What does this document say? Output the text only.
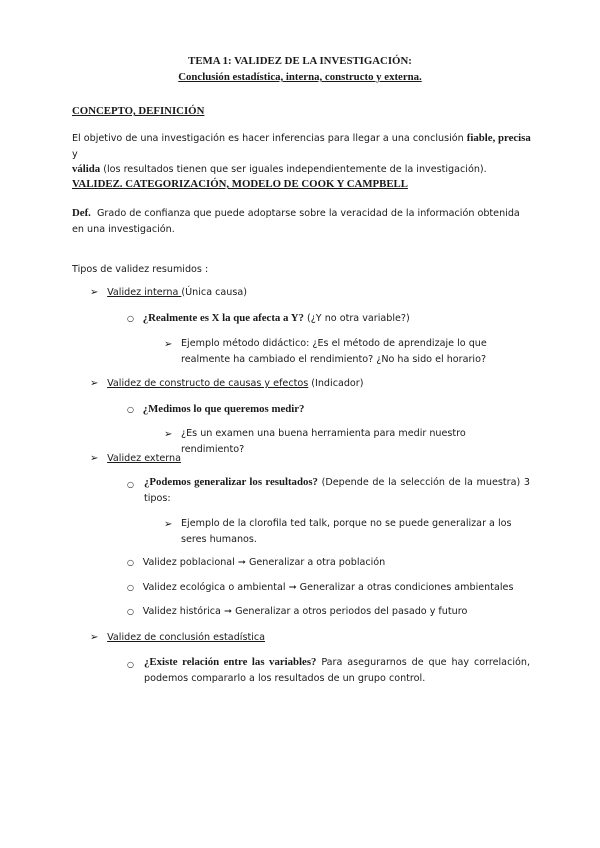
TEMA 1: VALIDEZ DE LA INVESTIGACIÓN:
Conclusión estadística, interna, constructo y externa.
CONCEPTO, DEFINICIÓN
El objetivo de una investigación es hacer inferencias para llegar a una conclusión fiable, precisa y
válida (los resultados tienen que ser iguales independientemente de la investigación).
VALIDEZ. CATEGORIZACIÓN, MODELO DE COOK Y CAMPBELL
Def. Grado de confianza que puede adoptarse sobre la veracidad de la información obtenida en una investigación.
Tipos de validez resumidos :
➢ Validez interna (Única causa)
○ ¿Realmente es X la que afecta a Y? (¿Y no otra variable?)
➢ Ejemplo método didáctico: ¿Es el método de aprendizaje lo que realmente ha cambiado el rendimiento? ¿No ha sido el horario?
➢ Validez de constructo de causas y efectos (Indicador)
○ ¿Medimos lo que queremos medir?
➢ ¿Es un examen una buena herramienta para medir nuestro rendimiento?
➢ Validez externa
○ ¿Podemos generalizar los resultados? (Depende de la selección de la muestra) 3 tipos:
➢ Ejemplo de la clorofila ted talk, porque no se puede generalizar a los seres humanos.
○ Validez poblacional ➞ Generalizar a otra población
○ Validez ecológica o ambiental ➞ Generalizar a otras condiciones ambientales
○ Validez histórica ➞ Generalizar a otros periodos del pasado y futuro
➢ Validez de conclusión estadística
○ ¿Existe relación entre las variables? Para asegurarnos de que hay correlación, podemos compararlo a los resultados de un grupo control.
